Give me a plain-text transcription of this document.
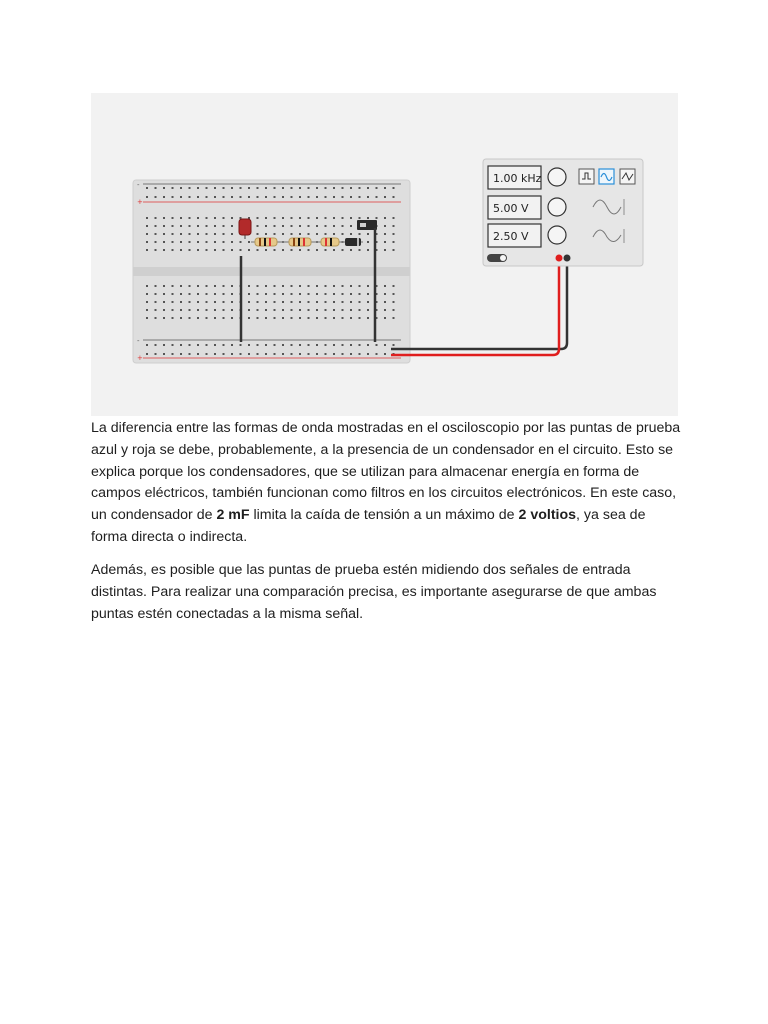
+
+
-
-
1.00 kHz
5.00 V
2.50 V

La diferencia entre las formas de onda mostradas en el osciloscopio por las puntas de prueba azul y roja se debe, probablemente, a la presencia de un condensador en el circuito. Esto se explica porque los condensadores, que se utilizan para almacenar energía en forma de campos eléctricos, también funcionan como filtros en los circuitos electrónicos. En este caso, un condensador de 2 mF limita la caída de tensión a un máximo de 2 voltios, ya sea de forma directa o indirecta.

Además, es posible que las puntas de prueba estén midiendo dos señales de entrada distintas. Para realizar una comparación precisa, es importante asegurarse de que ambas puntas estén conectadas a la misma señal.
